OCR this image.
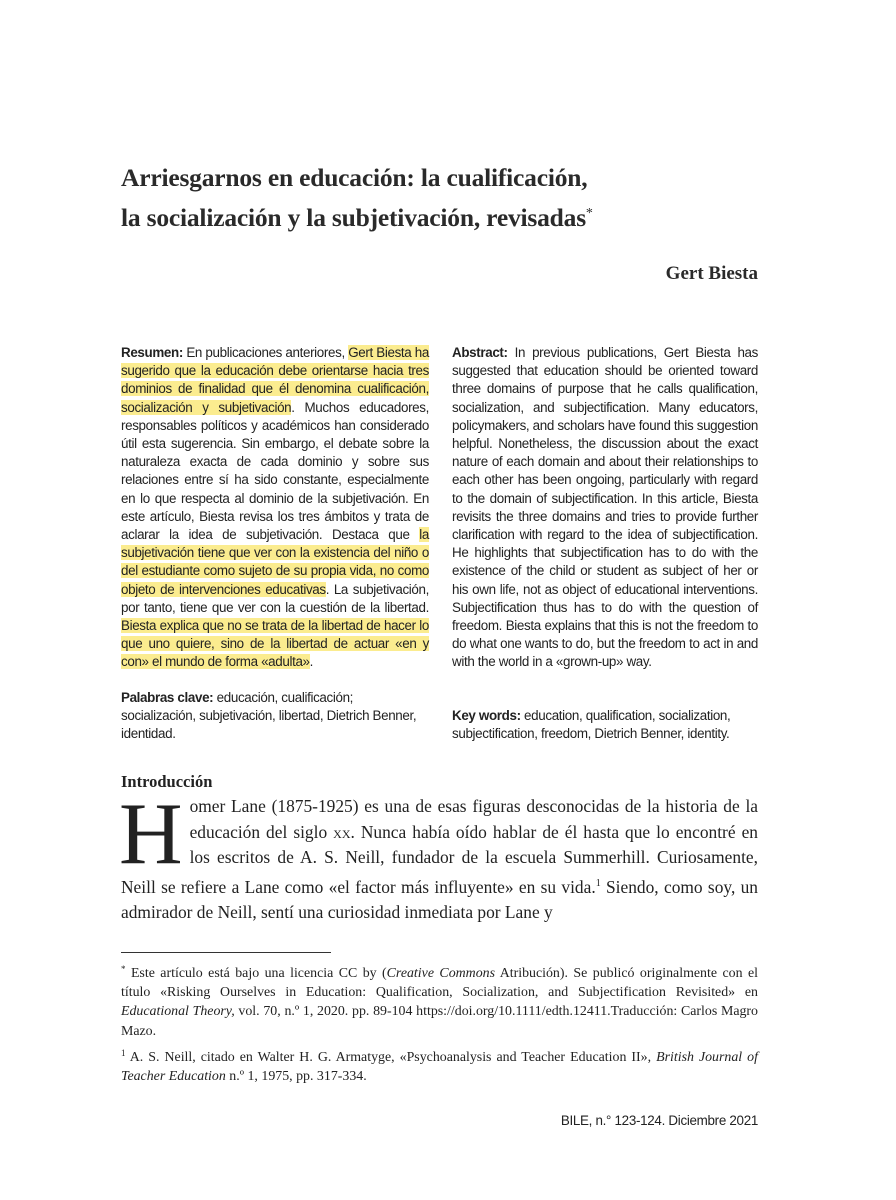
Arriesgarnos en educación: la cualificación,
la socialización y la subjetivación, revisadas*
Gert Biesta
Resumen: En publicaciones anteriores, Gert Biesta ha sugerido que la educación debe orientarse hacia tres dominios de finalidad que él denomina cualificación, socialización y subjetivación. Muchos educadores, responsables políticos y académicos han considerado útil esta sugerencia. Sin embargo, el debate sobre la naturaleza exacta de cada dominio y sobre sus relaciones entre sí ha sido constante, especialmente en lo que respecta al dominio de la subjetivación. En este artículo, Biesta revisa los tres ámbitos y trata de aclarar la idea de subjetivación. Destaca que la subjetivación tiene que ver con la existencia del niño o del estudiante como sujeto de su propia vida, no como objeto de intervenciones educativas. La subjetivación, por tanto, tiene que ver con la cuestión de la libertad. Biesta explica que no se trata de la libertad de hacer lo que uno quiere, sino de la libertad de actuar «en y con» el mundo de forma «adulta».
Palabras clave: educación, cualificación; socialización, subjetivación, libertad, Dietrich Benner, identidad.
Abstract: In previous publications, Gert Biesta has suggested that education should be oriented toward three domains of purpose that he calls qualification, socialization, and subjectification. Many educators, policymakers, and scholars have found this suggestion helpful. Nonetheless, the discussion about the exact nature of each domain and about their relationships to each other has been ongoing, particularly with regard to the domain of subjectification. In this article, Biesta revisits the three domains and tries to provide further clarification with regard to the idea of subjectification. He highlights that subjectification has to do with the existence of the child or student as subject of her or his own life, not as object of educational interventions. Subjectification thus has to do with the question of freedom. Biesta explains that this is not the freedom to do what one wants to do, but the freedom to act in and with the world in a «grown-up» way.
Key words: education, qualification, socialization, subjectification, freedom, Dietrich Benner, identity.
Introducción
Homer Lane (1875-1925) es una de esas figuras desconocidas de la historia de la educación del siglo xx. Nunca había oído hablar de él hasta que lo encontré en los escritos de A. S. Neill, fundador de la escuela Summerhill. Curiosamente, Neill se refiere a Lane como «el factor más influyente» en su vida.$^1$ Siendo, como soy, un admirador de Neill, sentí una curiosidad inmediata por Lane y

* Este artículo está bajo una licencia CC by (Creative Commons Atribución). Se publicó originalmente con el título «Risking Ourselves in Education: Qualification, Socialization, and Subjectification Revisited» en Educational Theory, vol. 70, n.º 1, 2020. pp. 89-104 https://doi.org/10.1111/edth.12411.Traducción: Carlos Magro Mazo.

$^1$ A. S. Neill, citado en Walter H. G. Armatyge, «Psychoanalysis and Teacher Education II», British Journal of Teacher Education n.º 1, 1975, pp. 317-334.

BILE, n.° 123-124. Diciembre 2021
